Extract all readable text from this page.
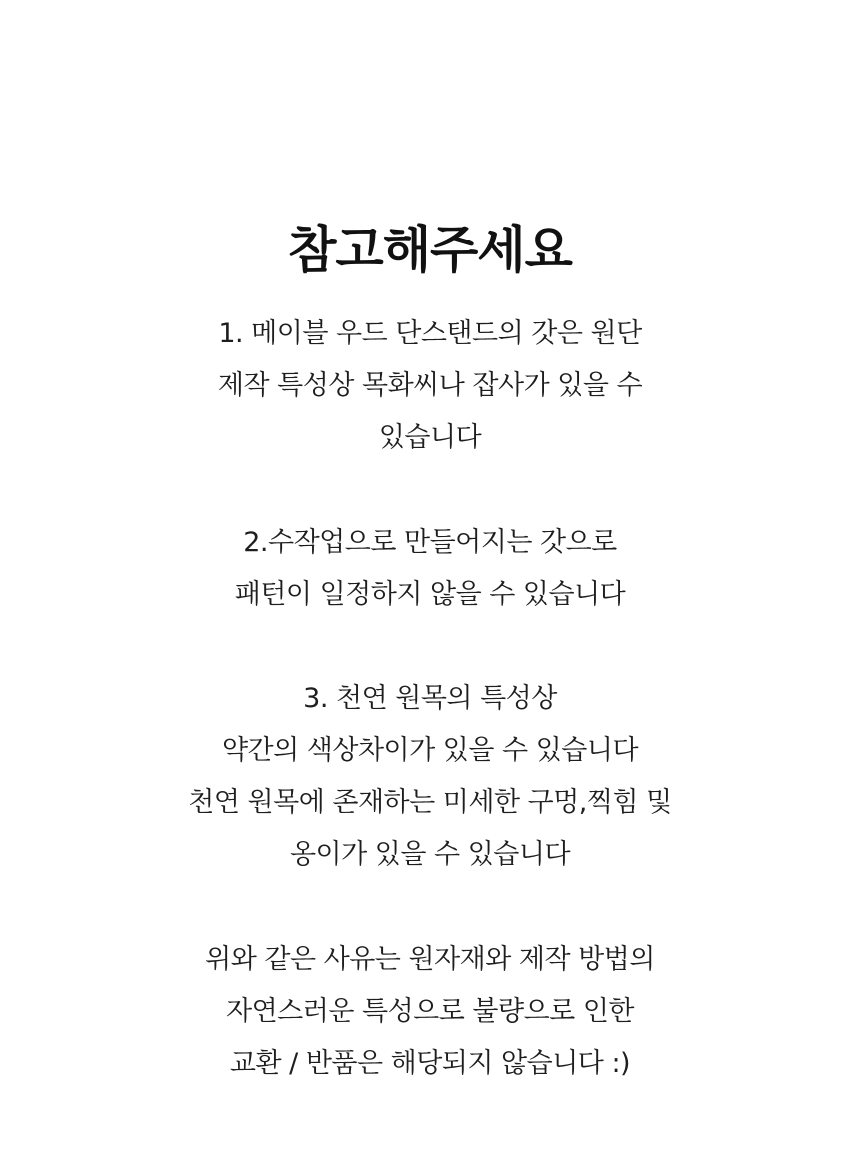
참고해주세요

1. 메이블 우드 단스탠드의 갓은 원단

제작 특성상 목화씨나 잡사가 있을 수

있습니다

2.수작업으로 만들어지는 갓으로

패턴이 일정하지 않을 수 있습니다

3. 천연 원목의 특성상

약간의 색상차이가 있을 수 있습니다

천연 원목에 존재하는 미세한 구멍,찍힘 및

옹이가 있을 수 있습니다

위와 같은 사유는 원자재와 제작 방법의

자연스러운 특성으로 불량으로 인한

교환 / 반품은 해당되지 않습니다 :)
